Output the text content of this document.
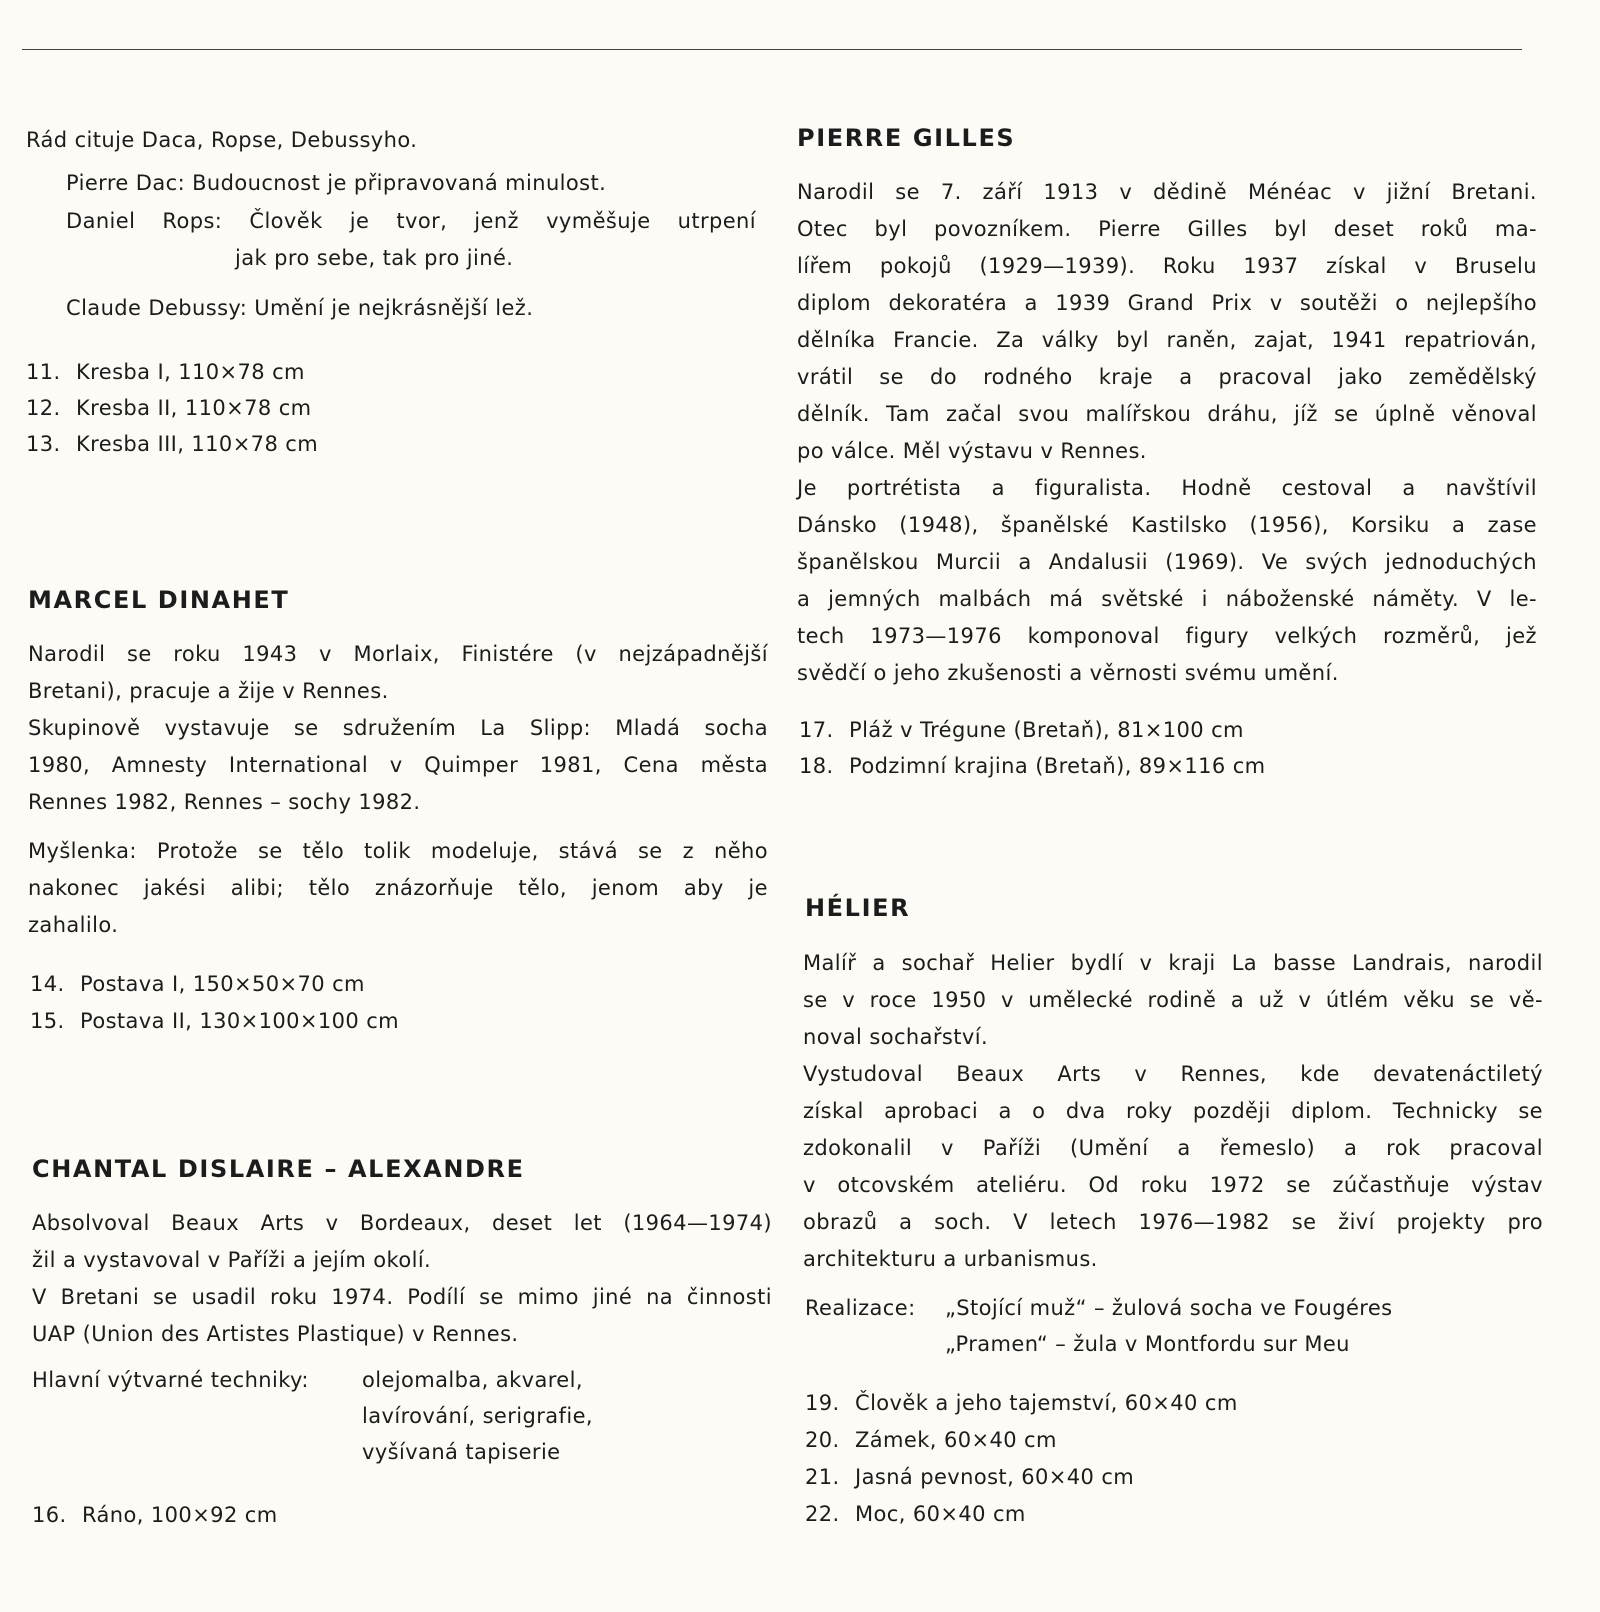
Rád cituje Daca, Ropse, Debussyho.
Pierre Dac: Budoucnost je připravovaná minulost.
Daniel Rops: Člověk je tvor, jenž vyměšuje utrpení
jak pro sebe, tak pro jiné.
Claude Debussy: Umění je nejkrásnější lež.
11. Kresba I, 110×78 cm
12. Kresba II, 110×78 cm
13. Kresba III, 110×78 cm
MARCEL DINAHET
Narodil se roku 1943 v Morlaix, Finistére (v nejzápadnější
Bretani), pracuje a žije v Rennes.
Skupinově vystavuje se sdružením La Slipp: Mladá socha
1980, Amnesty International v Quimper 1981, Cena města
Rennes 1982, Rennes – sochy 1982.
Myšlenka: Protože se tělo tolik modeluje, stává se z něho
nakonec jakési alibi; tělo znázorňuje tělo, jenom aby je
zahalilo.
14. Postava I, 150×50×70 cm
15. Postava II, 130×100×100 cm
CHANTAL DISLAIRE – ALEXANDRE
Absolvoval Beaux Arts v Bordeaux, deset let (1964—1974)
žil a vystavoval v Paříži a jejím okolí.
V Bretani se usadil roku 1974. Podílí se mimo jiné na činnosti
UAP (Union des Artistes Plastique) v Rennes.
Hlavní výtvarné techniky:	olejomalba, akvarel,
lavírování, serigrafie,
vyšívaná tapiserie
16. Ráno, 100×92 cm
PIERRE GILLES
Narodil se 7. září 1913 v dědině Ménéac v jižní Bretani.
Otec byl povozníkem. Pierre Gilles byl deset roků ma-
lířem pokojů (1929—1939). Roku 1937 získal v Bruselu
diplom dekoratéra a 1939 Grand Prix v soutěži o nejlepšího
dělníka Francie. Za války byl raněn, zajat, 1941 repatriován,
vrátil se do rodného kraje a pracoval jako zemědělský
dělník. Tam začal svou malířskou dráhu, jíž se úplně věnoval
po válce. Měl výstavu v Rennes.
Je portrétista a figuralista. Hodně cestoval a navštívil
Dánsko (1948), španělské Kastilsko (1956), Korsiku a zase
španělskou Murcii a Andalusii (1969). Ve svých jednoduchých
a jemných malbách má světské i náboženské náměty. V le-
tech 1973—1976 komponoval figury velkých rozměrů, jež
svědčí o jeho zkušenosti a věrnosti svému umění.
17. Pláž v Trégune (Bretaň), 81×100 cm
18. Podzimní krajina (Bretaň), 89×116 cm
HÉLIER
Malíř a sochař Helier bydlí v kraji La basse Landrais, narodil
se v roce 1950 v umělecké rodině a už v útlém věku se vě-
noval sochařství.
Vystudoval Beaux Arts v Rennes, kde devatenáctiletý
získal aprobaci a o dva roky později diplom. Technicky se
zdokonalil v Paříži (Umění a řemeslo) a rok pracoval
v otcovském ateliéru. Od roku 1972 se zúčastňuje výstav
obrazů a soch. V letech 1976—1982 se živí projekty pro
architekturu a urbanismus.
Realizace: „Stojící muž“ – žulová socha ve Fougéres
„Pramen“ – žula v Montfordu sur Meu
19. Člověk a jeho tajemství, 60×40 cm
20. Zámek, 60×40 cm
21. Jasná pevnost, 60×40 cm
22. Moc, 60×40 cm
